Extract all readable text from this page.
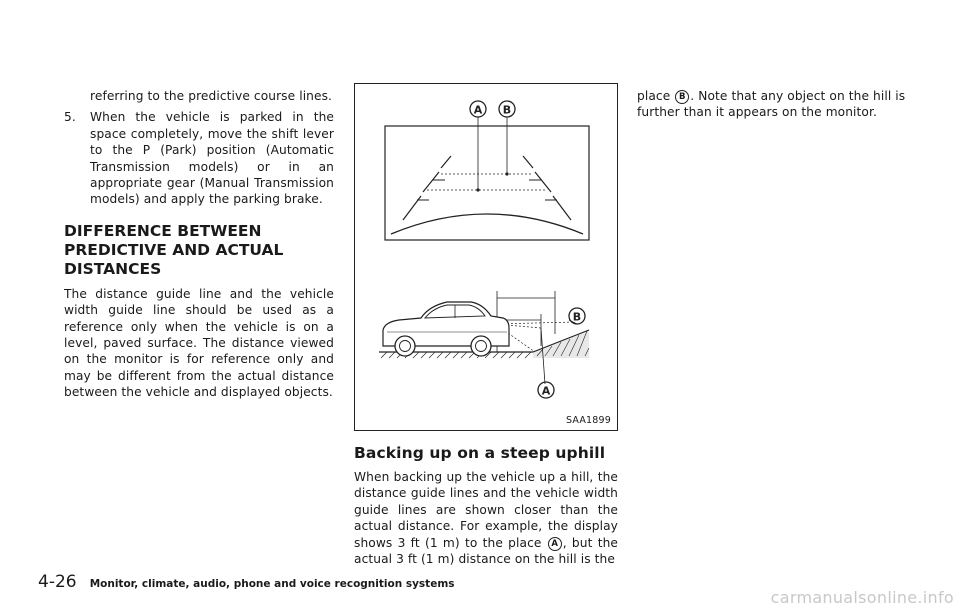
referring to the predictive course lines.

5. When the vehicle is parked in the space completely, move the shift lever to the P (Park) position (Automatic Transmission models) or in an appropriate gear (Manual Transmission models) and apply the parking brake.

DIFFERENCE BETWEEN PREDICTIVE AND ACTUAL DISTANCES

The distance guide line and the vehicle width guide line should be used as a reference only when the vehicle is on a level, paved surface. The distance viewed on the monitor is for reference only and may be different from the actual distance between the vehicle and displayed objects.

A B
B
A
SAA1899

Backing up on a steep uphill

When backing up the vehicle up a hill, the distance guide lines and the vehicle width guide lines are shown closer than the actual distance. For example, the display shows 3 ft (1 m) to the place A , but the actual 3 ft (1 m) distance on the hill is the

place B . Note that any object on the hill is further than it appears on the monitor.

4-26 Monitor, climate, audio, phone and voice recognition systems
carmanualsonline.info
